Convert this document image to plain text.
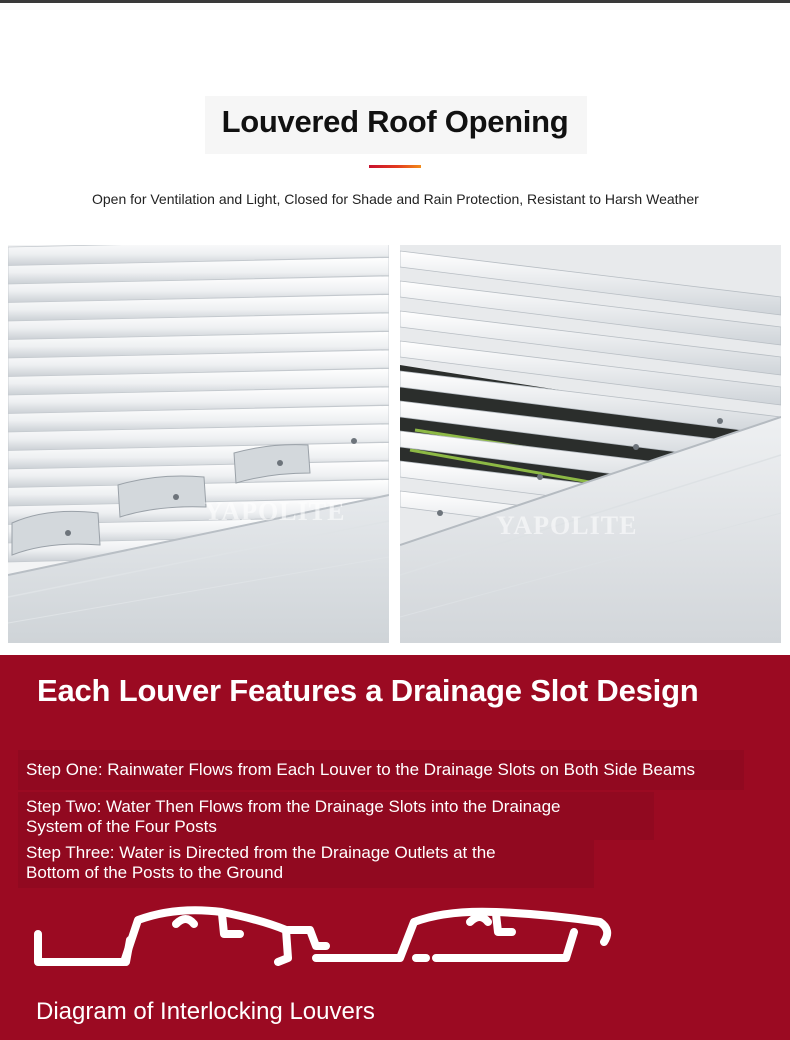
Louvered Roof Opening

Open for Ventilation and Light, Closed for Shade and Rain Protection, Resistant to Harsh Weather

YAPOLITE	YAPOLITE
Each Louver Features a Drainage Slot Design
Step One: Rainwater Flows from Each Louver to the Drainage Slots on Both Side Beams
Step Two: Water Then Flows from the Drainage Slots into the Drainage
System of the Four Posts
Step Three: Water is Directed from the Drainage Outlets at the
Bottom of the Posts to the Ground
Diagram of Interlocking Louvers
